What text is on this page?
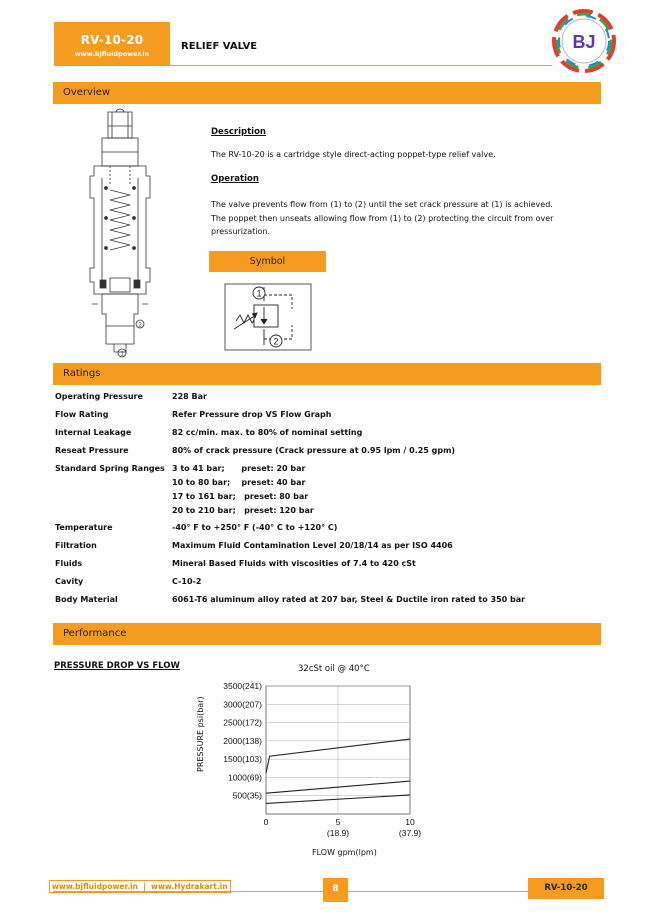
RV-10-20
www.bjfluidpower.in
RELIEF VALVE	BJ
Overview
2
1
Description
The RV-10-20 is a cartridge style direct-acting poppet-type relief valve.
Operation
The valve prevents flow from (1) to (2) until the set crack pressure at (1) is achieved.
The poppet then unseats allowing flow from (1) to (2) protecting the circuit from over
pressurization.
Symbol
1
2
Ratings
Operating Pressure	228 Bar
Flow Rating	Refer Pressure drop VS Flow Graph
Internal Leakage	82 cc/min. max. to 80% of nominal setting
Reseat Pressure	80% of crack pressure (Crack pressure at 0.95 lpm / 0.25 gpm)
Standard Spring Ranges 3 to 41 bar;      preset: 20 bar
10 to 80 bar;    preset: 40 bar
17 to 161 bar;   preset: 80 bar
20 to 210 bar;   preset: 120 bar
Temperature	-40° F to +250° F (-40° C to +120° C)
Filtration	Maximum Fluid Contamination Level 20/18/14 as per ISO 4406
Fluids	Mineral Based Fluids with viscosities of 7.4 to 420 cSt
Cavity	C-10-2
Body Material	6061-T6 aluminum alloy rated at 207 bar, Steel & Ductile iron rated to 350 bar
Performance
PRESSURE DROP VS FLOW	32cSt oil @ 40°C
500(35)
1000(69)
1500(103)
2000(138)
2500(172)
3000(207)
3500(241)
0	5
(18.9)
10
(37.9)
PRESSURE psi(bar)
FLOW gpm(lpm)
www.bjfluidpower.in  |  www.Hydrakart.in	8	RV-10-20
